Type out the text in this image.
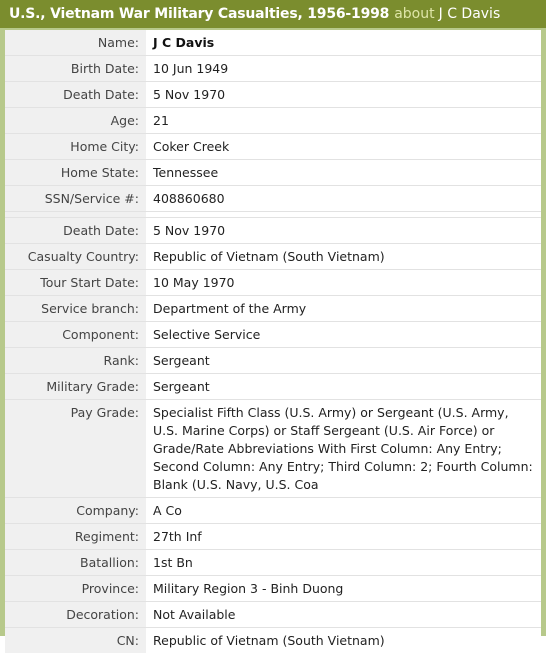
U.S., Vietnam War Military Casualties, 1956-1998 about J C Davis
Name:	J C Davis
Birth Date:	10 Jun 1949
Death Date:	5 Nov 1970
Age:	21
Home City:	Coker Creek
Home State:	Tennessee
SSN/Service #:	408860680

Death Date:	5 Nov 1970
Casualty Country:	Republic of Vietnam (South Vietnam)
Tour Start Date:	10 May 1970
Service branch:	Department of the Army
Component:	Selective Service
Rank:	Sergeant
Military Grade:	Sergeant
Pay Grade:	Specialist Fifth Class (U.S. Army) or Sergeant (U.S. Army, U.S. Marine Corps) or Staff Sergeant (U.S. Air Force) or Grade/Rate Abbreviations With First Column: Any Entry; Second Column: Any Entry; Third Column: 2; Fourth Column: Blank (U.S. Navy, U.S. Coa
Company:	A Co
Regiment:	27th Inf
Batallion:	1st Bn
Province:	Military Region 3 - Binh Duong
Decoration:	Not Available
CN:	Republic of Vietnam (South Vietnam)
